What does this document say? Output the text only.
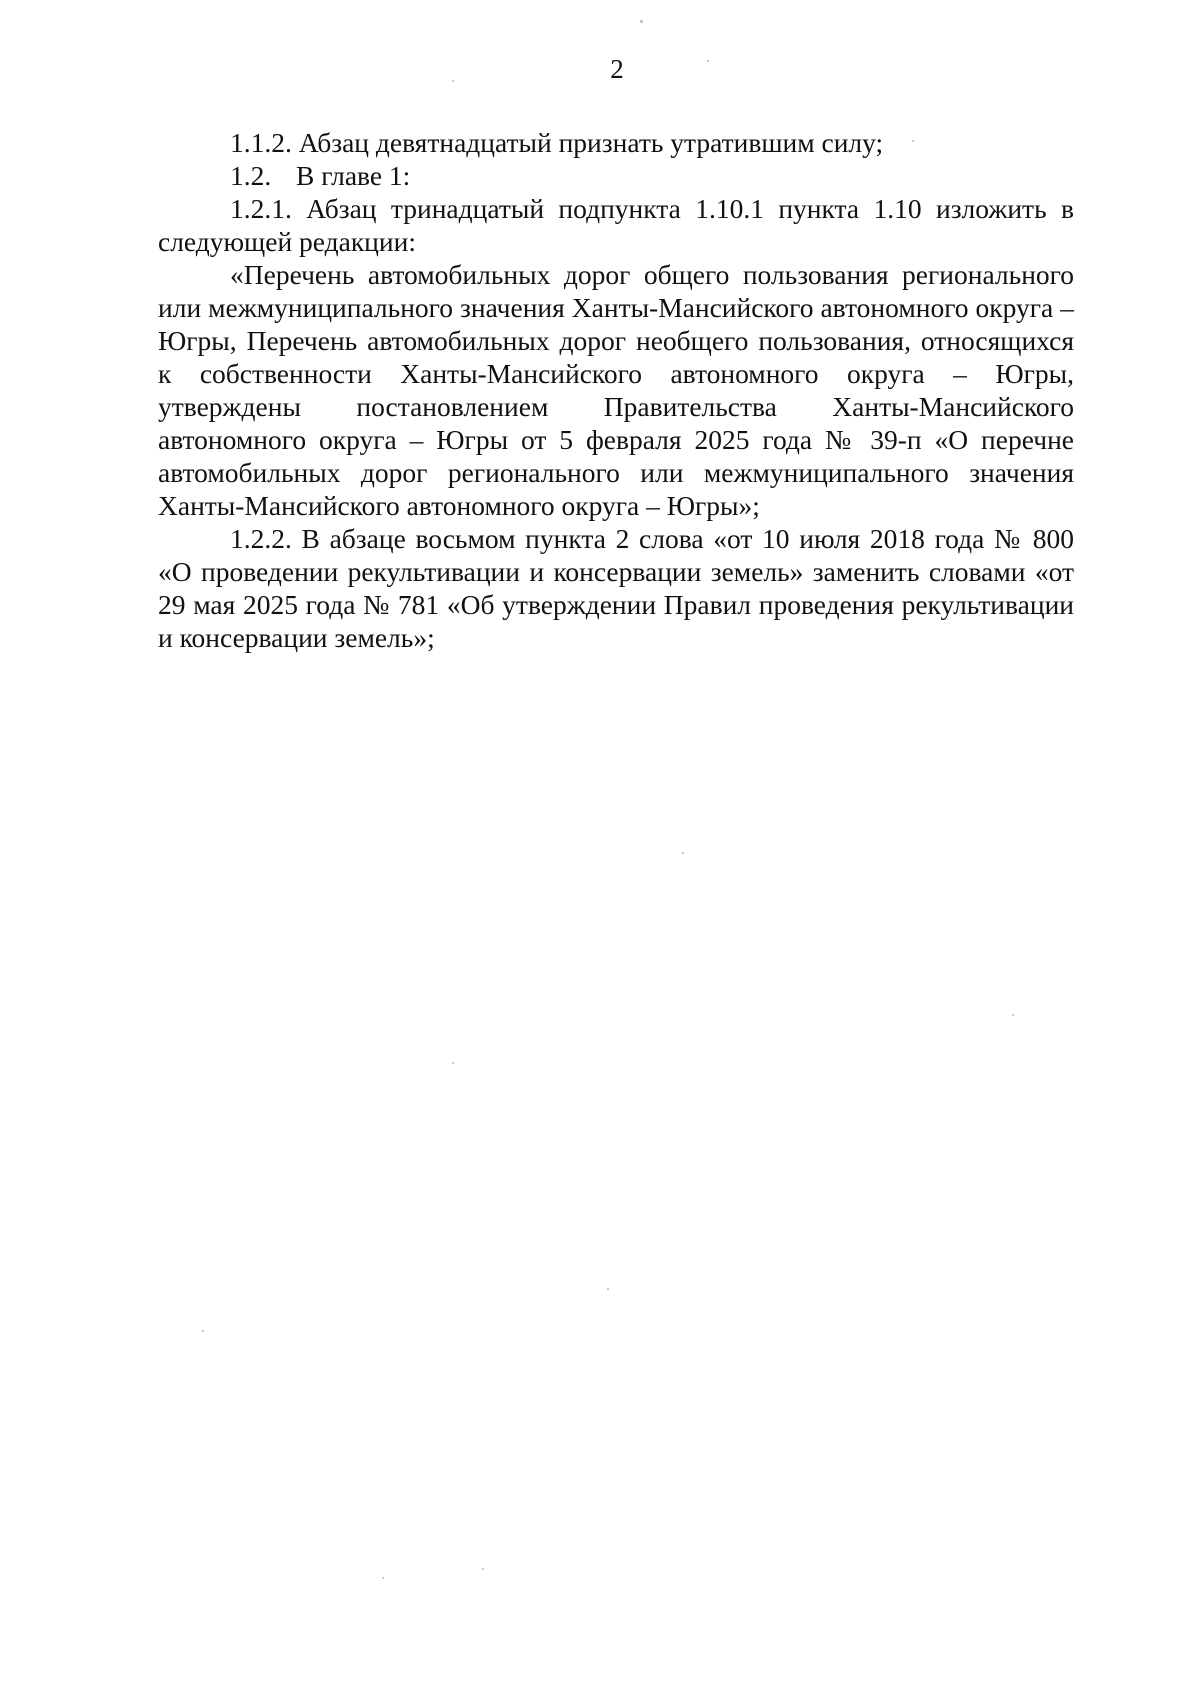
2

1.1.2. Абзац девятнадцатый признать утратившим силу;

1.2. В главе 1:

1.2.1. Абзац тринадцатый подпункта 1.10.1 пункта 1.10 изложить в следующей редакции:

«Перечень автомобильных дорог общего пользования регионального или межмуниципального значения Ханты-Мансийского автономного округа – Югры, Перечень автомобильных дорог необщего пользования, относящихся к собственности Ханты-Мансийского автономного округа – Югры, утверждены постановлением Правительства Ханты-Мансийского автономного округа – Югры от 5 февраля 2025 года № 39-п «О перечне автомобильных дорог регионального или межмуниципального значения Ханты-Мансийского автономного округа – Югры»;

1.2.2. В абзаце восьмом пункта 2 слова «от 10 июля 2018 года № 800 «О проведении рекультивации и консервации земель» заменить словами «от 29 мая 2025 года № 781 «Об утверждении Правил проведения рекультивации и консервации земель»;
